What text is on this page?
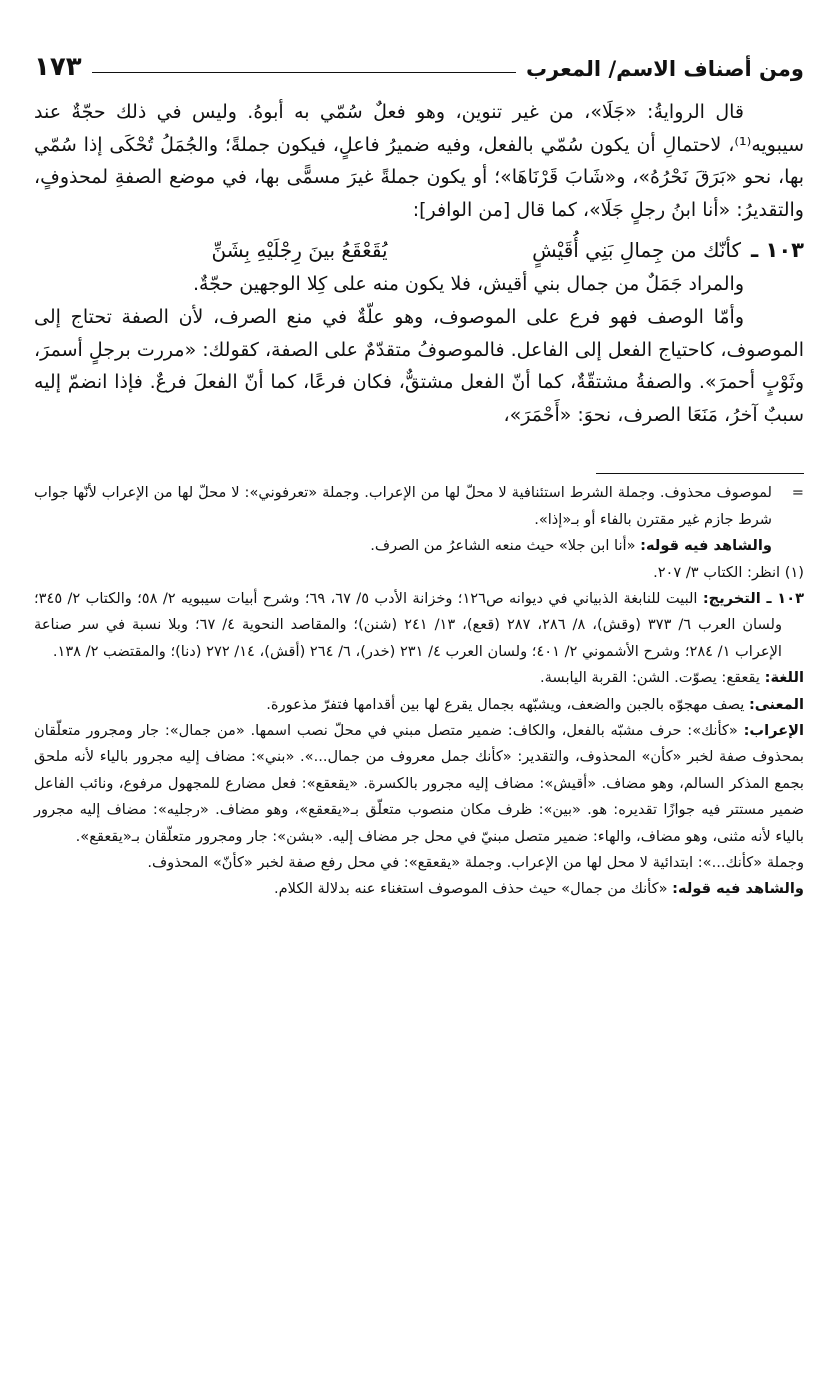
ومن أصناف الاسم/ المعرب
١٧٣

قال الروايةُ: «جَلَا»، من غير تنوين، وهو فعلٌ سُمّي به أبوهُ. وليس في ذلك حجّةٌ عند سيبويه⁽¹⁾، لاحتمالِ أن يكون سُمّي بالفعل، وفيه ضميرُ فاعلٍ، فيكون جملةً؛ والجُمَلُ تُحْكَى إذا سُمّي بها، نحو «بَرَقَ نَحْرُهُ»، و«شَابَ قَرْنَاهَا»؛ أو يكون جملةً غيرَ مسمًّى بها، في موضع الصفةِ لمحذوفٍ، والتقديرُ: «أنا ابنُ رجلٍ جَلَا»، كما قال [من الوافر]:

١٠٣ ـ
كأنّك من جِمالِ بَنِي أُقَيْشٍ
يُقَعْقَعُ بينَ رِجْلَيْهِ بِشَنِّ

والمراد جَمَلٌ من جمال بني أقيش، فلا يكون منه على كِلا الوجهين حجّةٌ.

وأمّا الوصف فهو فرع على الموصوف، وهو علّةٌ في منع الصرف، لأن الصفة تحتاج إلى الموصوف، كاحتياج الفعل إلى الفاعل. فالموصوفُ متقدّمٌ على الصفة، كقولك: «مررت برجلٍ أسمرَ، وثَوْبٍ أحمرَ». والصفةُ مشتقّةٌ، كما أنّ الفعل مشتقٌّ، فكان فرعًا، كما أنّ الفعلَ فرعٌ. فإذا انضمّ إليه سببٌ آخرُ، مَنَعَا الصرف، نحوَ: «أَحْمَرَ»،

=

لموصوف محذوف. وجملة الشرط استئنافية لا محلّ لها من الإعراب. وجملة «تعرفوني»: لا محلّ لها من الإعراب لأنّها جواب شرط جازم غير مقترن بالفاء أو بـ«إذا».

والشاهد فيه قوله: «أنا ابن جلا» حيث منعه الشاعرُ من الصرف.

(١) انظر: الكتاب ٣/ ٢٠٧.

١٠٣ ـ التخريج: البيت للنابغة الذبياني في ديوانه ص١٢٦؛ وخزانة الأدب ٥/ ٦٧، ٦٩؛ وشرح أبيات سيبويه ٢/ ٥٨؛ والكتاب ٢/ ٣٤٥؛ ولسان العرب ٦/ ٣٧٣ (وقش)، ٨/ ٢٨٦، ٢٨٧ (قعع)، ١٣/ ٢٤١ (شنن)؛ والمقاصد النحوية ٤/ ٦٧؛ وبلا نسبة في سر صناعة الإعراب ١/ ٢٨٤؛ وشرح الأشموني ٢/ ٤٠١؛ ولسان العرب ٤/ ٢٣١ (خدر)، ٦/ ٢٦٤ (أقش)، ١٤/ ٢٧٢ (دنا)؛ والمقتضب ٢/ ١٣٨.

اللغة: يقعقع: يصوّت. الشن: القربة اليابسة.

المعنى: يصف مهجوّه بالجبن والضعف، ويشبّهه بجمال يقرع لها بين أقدامها فتفرّ مذعورة.

الإعراب: «كأنك»: حرف مشبّه بالفعل، والكاف: ضمير متصل مبني في محلّ نصب اسمها. «من جمال»: جار ومجرور متعلّقان بمحذوف صفة لخبر «كأن» المحذوف، والتقدير: «كأنك جمل معروف من جمال...». «بني»: مضاف إليه مجرور بالياء لأنه ملحق بجمع المذكر السالم، وهو مضاف. «أقيش»: مضاف إليه مجرور بالكسرة. «يقعقع»: فعل مضارع للمجهول مرفوع، ونائب الفاعل ضمير مستتر فيه جوازًا تقديره: هو. «بين»: ظرف مكان منصوب متعلّق بـ«يقعقع»، وهو مضاف. «رجليه»: مضاف إليه مجرور بالياء لأنه مثنى، وهو مضاف، والهاء: ضمير متصل مبنيّ في محل جر مضاف إليه. «بشن»: جار ومجرور متعلّقان بـ«يقعقع».

وجملة «كأنك...»: ابتدائية لا محل لها من الإعراب. وجملة «يقعقع»: في محل رفع صفة لخبر «كأنّ» المحذوف.

والشاهد فيه قوله: «كأنك من جمال» حيث حذف الموصوف استغناء عنه بدلالة الكلام.
